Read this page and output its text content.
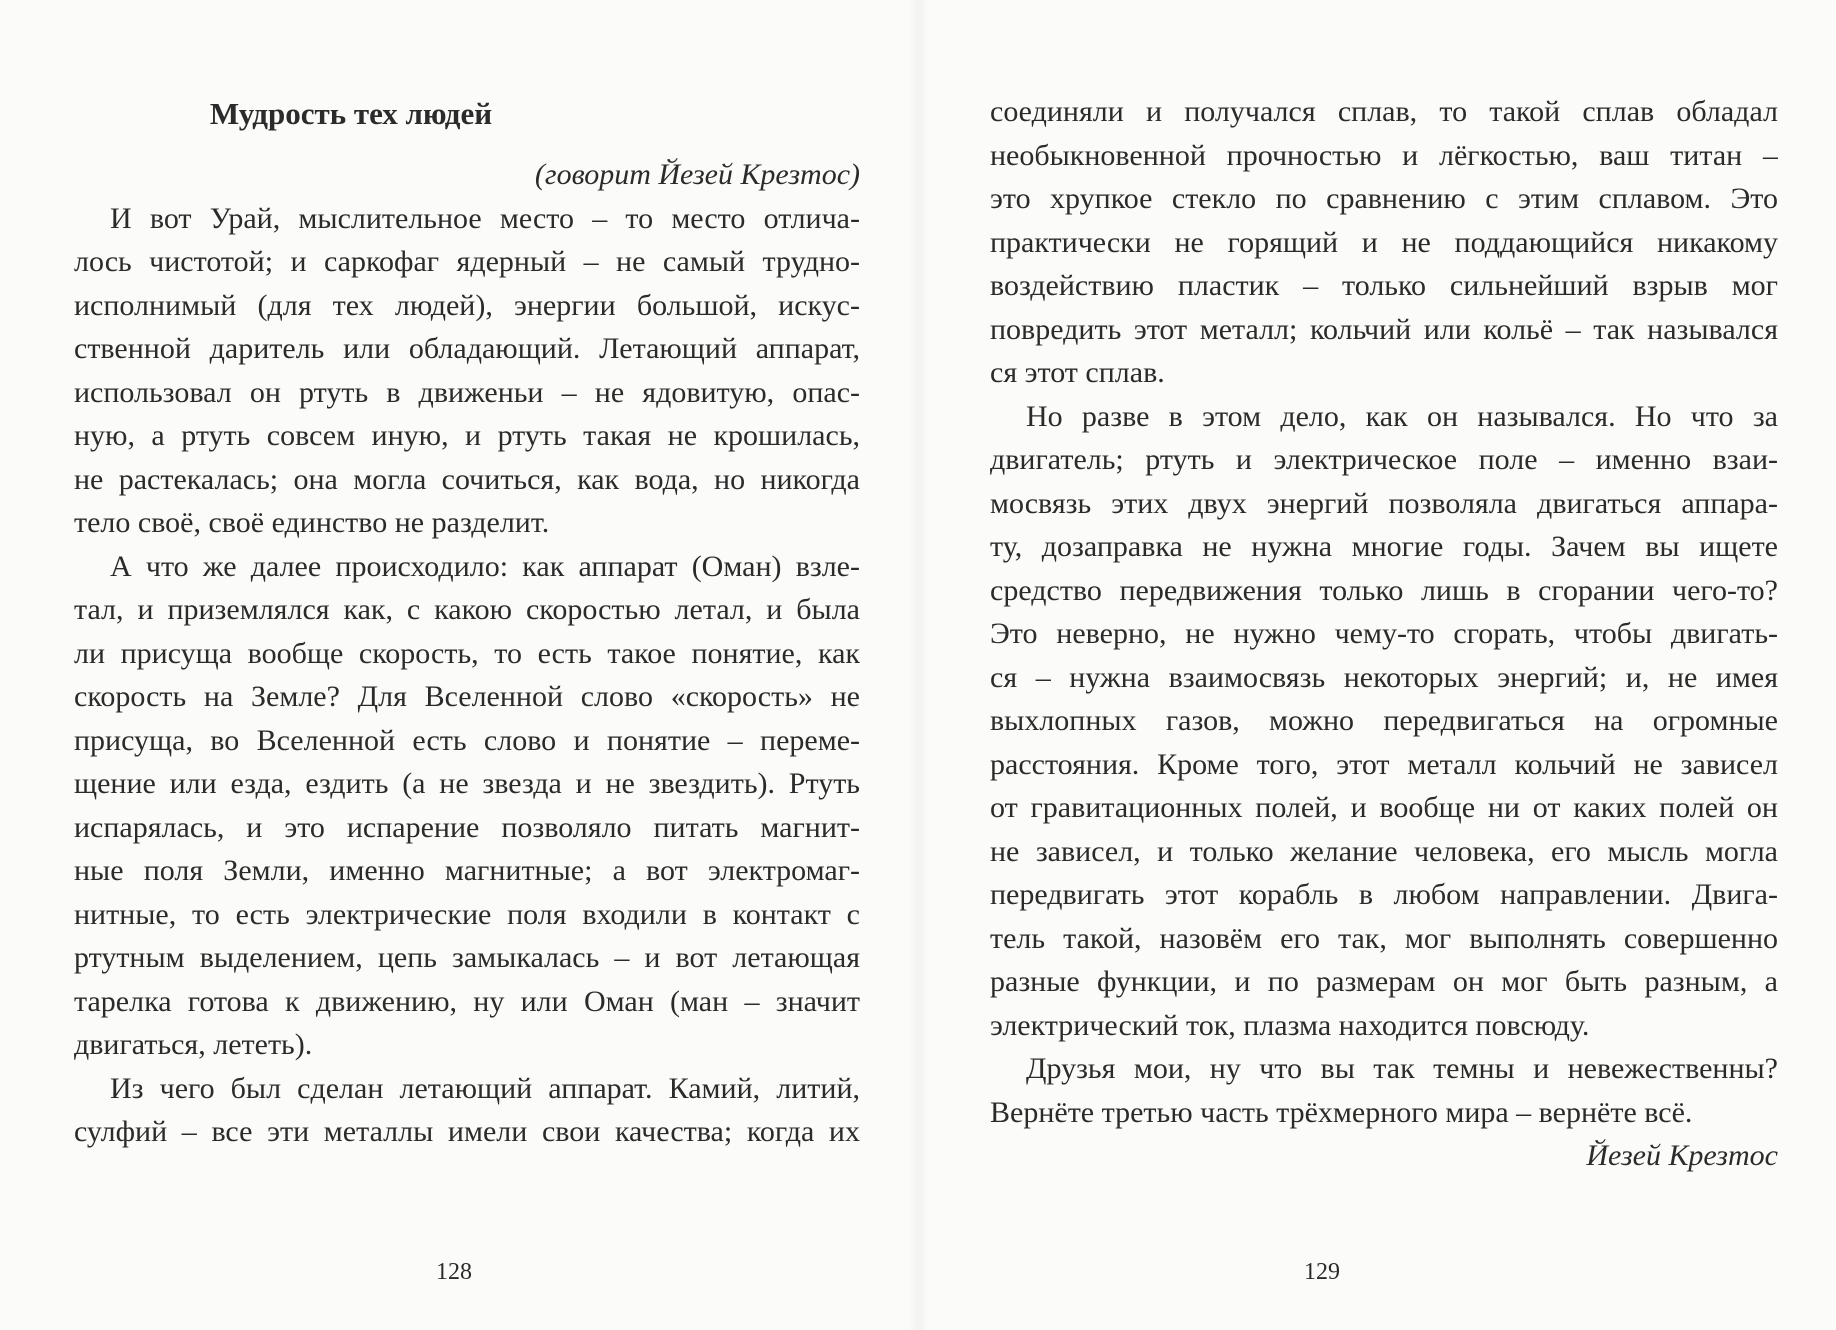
Мудрость тех людей
(говорит Йезей Крезтос)
И вот Урай, мыслительное место – то место отлича-
лось чистотой; и саркофаг ядерный – не самый трудно-
исполнимый (для тех людей), энергии большой, искус-
ственной даритель или обладающий. Летающий аппарат,
использовал он ртуть в движеньи – не ядовитую, опас-
ную, а ртуть совсем иную, и ртуть такая не крошилась,
не растекалась; она могла сочиться, как вода, но никогда
тело своё, своё единство не разделит.
А что же далее происходило: как аппарат (Оман) взле-
тал, и приземлялся как, с какою скоростью летал, и была
ли присуща вообще скорость, то есть такое понятие, как
скорость на Земле? Для Вселенной слово «скорость» не
присуща, во Вселенной есть слово и понятие – переме-
щение или езда, ездить (а не звезда и не звездить). Ртуть
испарялась, и это испарение позволяло питать магнит-
ные поля Земли, именно магнитные; а вот электромаг-
нитные, то есть электрические поля входили в контакт с
ртутным выделением, цепь замыкалась – и вот летающая
тарелка готова к движению, ну или Оман (ман – значит
двигаться, лететь).
Из чего был сделан летающий аппарат. Камий, литий,
сулфий – все эти металлы имели свои качества; когда их
128
соединяли и получался сплав, то такой сплав обладал
необыкновенной прочностью и лёгкостью, ваш титан –
это хрупкое стекло по сравнению с этим сплавом. Это
практически не горящий и не поддающийся никакому
воздействию пластик – только сильнейший взрыв мог
повредить этот металл; кольчий или кольё – так назывался
ся этот сплав.
Но разве в этом дело, как он назывался. Но что за
двигатель; ртуть и электрическое поле – именно взаи-
мосвязь этих двух энергий позволяла двигаться аппара-
ту, дозаправка не нужна многие годы. Зачем вы ищете
средство передвижения только лишь в сгорании чего-то?
Это неверно, не нужно чему-то сгорать, чтобы двигать-
ся – нужна взаимосвязь некоторых энергий; и, не имея
выхлопных газов, можно передвигаться на огромные
расстояния. Кроме того, этот металл кольчий не зависел
от гравитационных полей, и вообще ни от каких полей он
не зависел, и только желание человека, его мысль могла
передвигать этот корабль в любом направлении. Двига-
тель такой, назовём его так, мог выполнять совершенно
разные функции, и по размерам он мог быть разным, а
электрический ток, плазма находится повсюду.
Друзья мои, ну что вы так темны и невежественны?
Вернёте третью часть трёхмерного мира – вернёте всё.
Йезей Крезтос
129
